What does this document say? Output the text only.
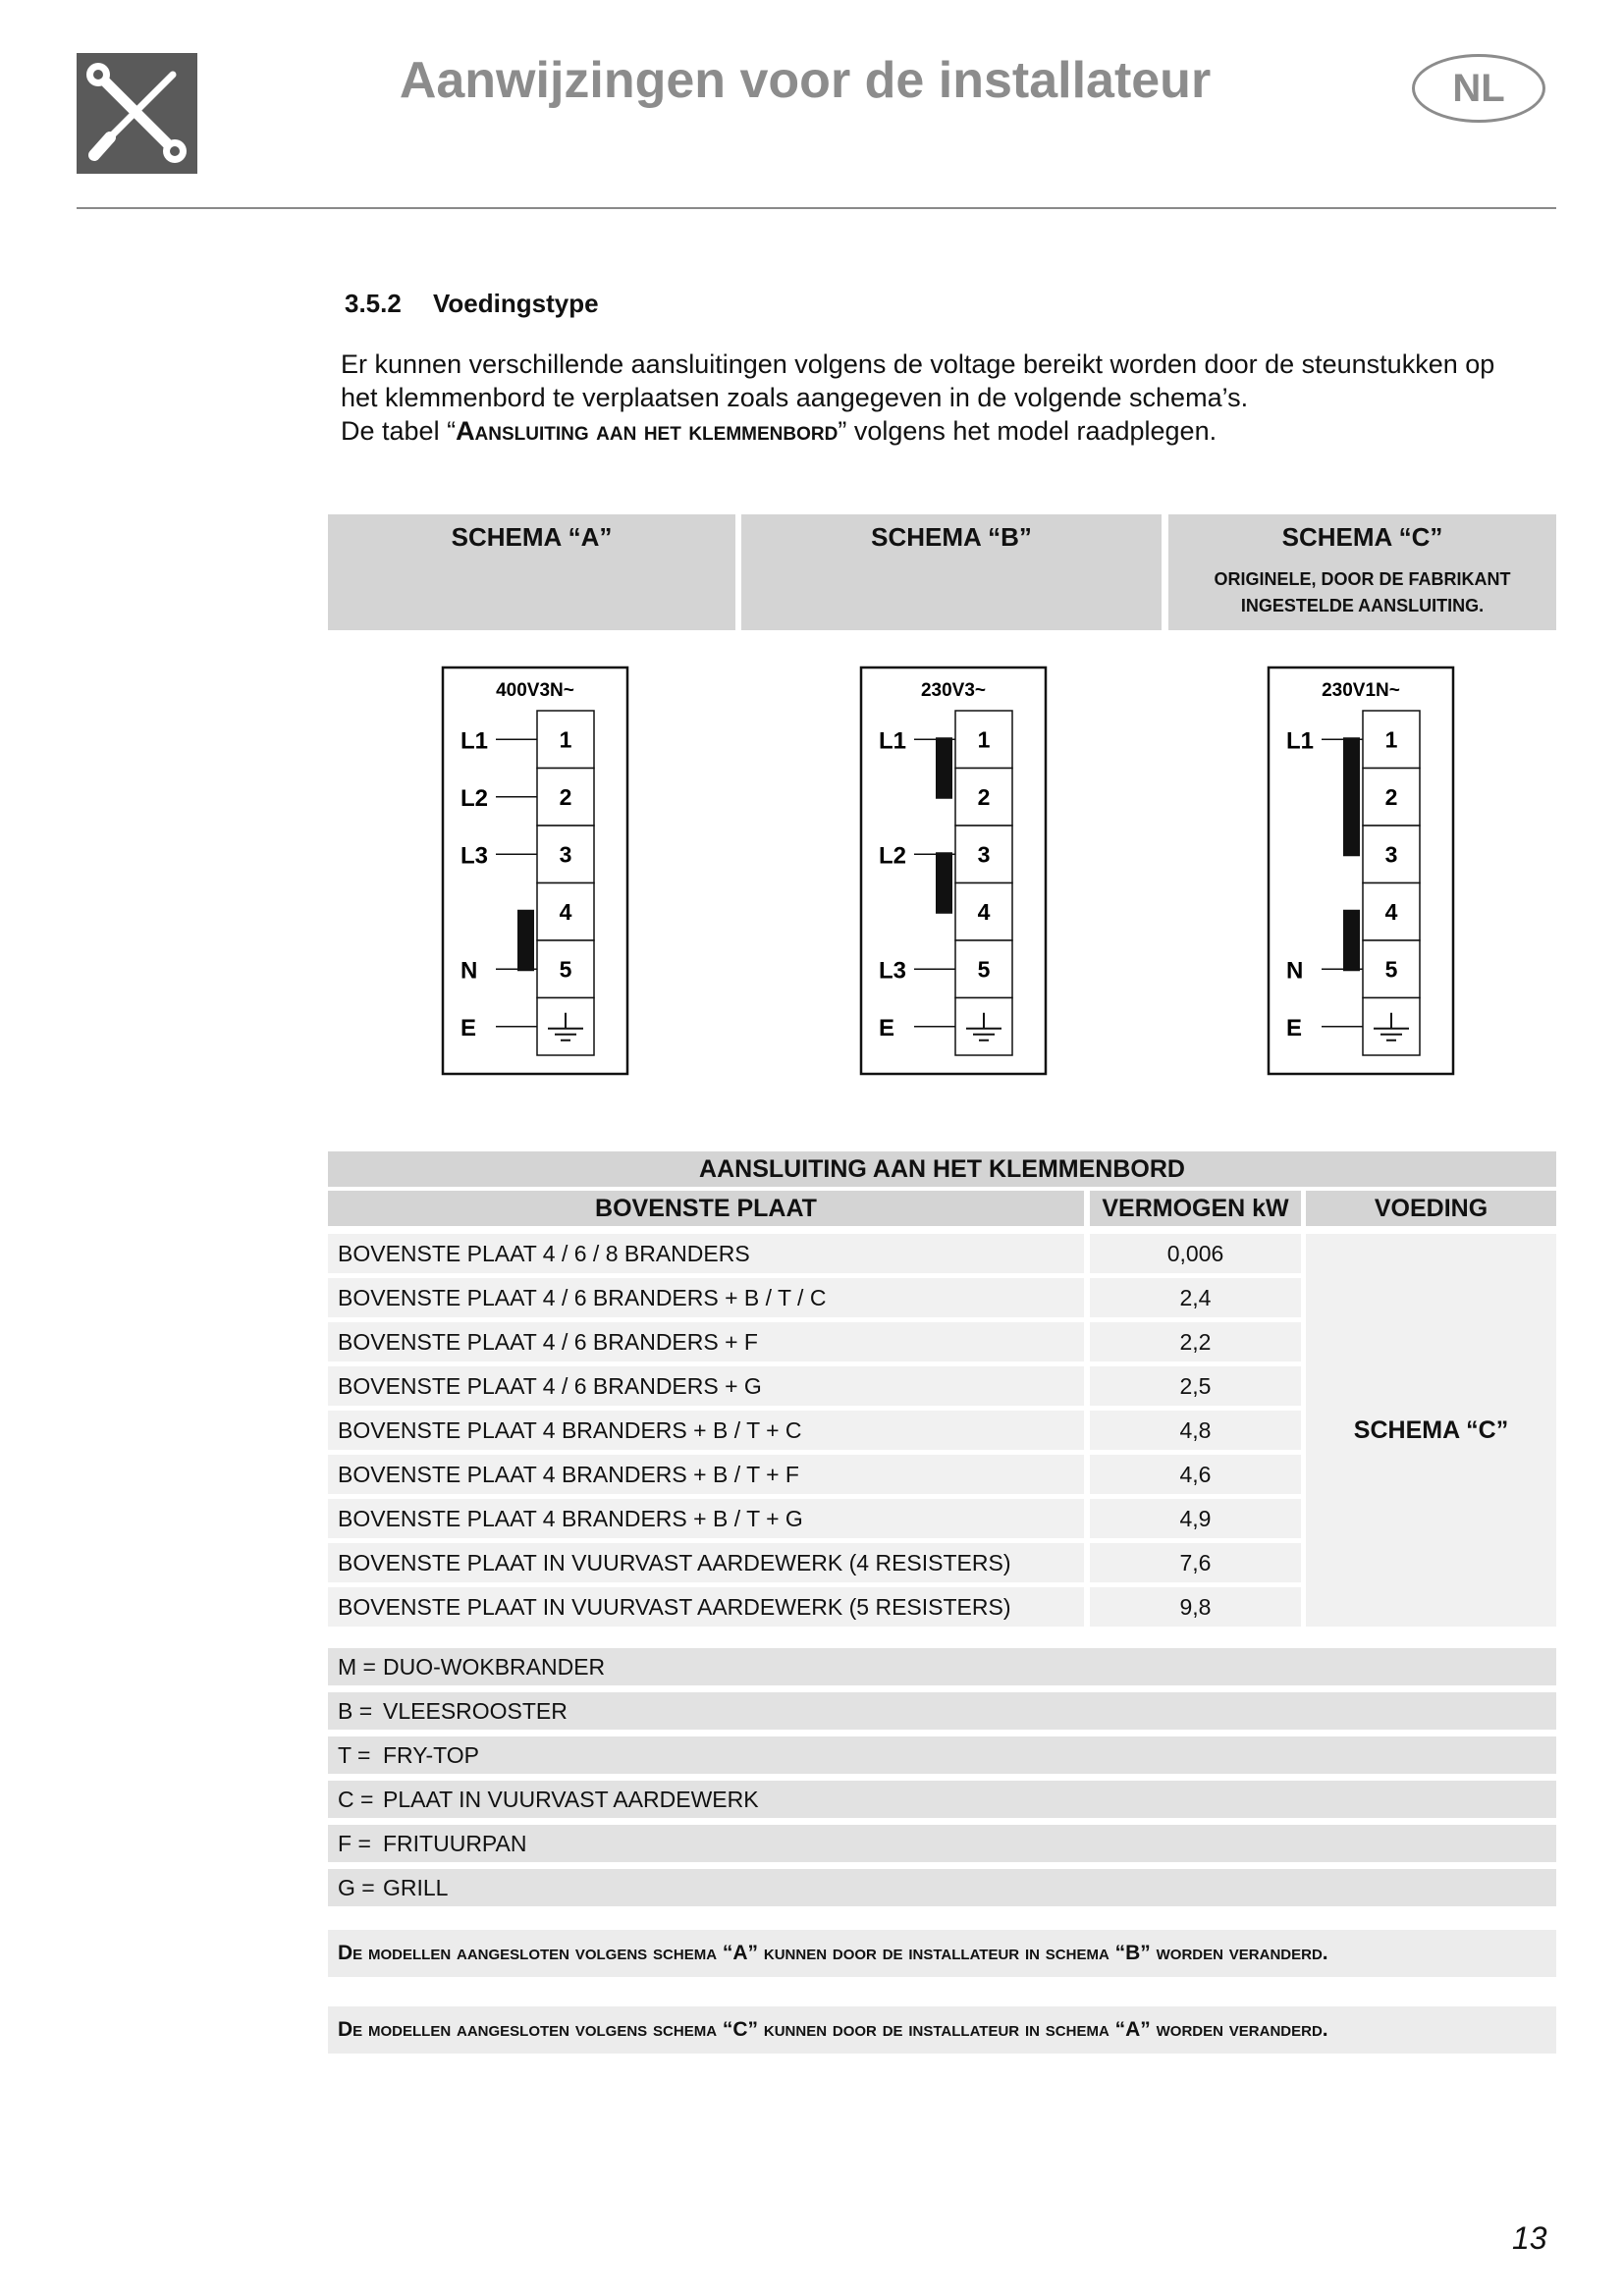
Aanwijzingen voor de installateur	NL
3.5.2 Voedingstype
Er kunnen verschillende aansluitingen volgens de voltage bereikt worden door de steunstukken op
het klemmenbord te verplaatsen zoals aangegeven in de volgende schema’s.
De tabel “Aansluiting aan het klemmenbord” volgens het model raadplegen.
SCHEMA “A”	SCHEMA “B”	SCHEMA “C”
ORIGINELE, DOOR DE FABRIKANT
INGESTELDE AANSLUITING.
400V3N~
1
L1
2
L2
3
L3
4
5
N
E
230V3~
1
L1
2
3
L2
4
5
L3
E
230V1N~
1
L1
2
3
4
5
N
E
AANSLUITING AAN HET KLEMMENBORD
BOVENSTE PLAAT	VERMOGEN kW	VOEDING
BOVENSTE PLAAT 4 / 6 / 8 BRANDERS	0,006
BOVENSTE PLAAT 4 / 6 BRANDERS + B / T / C	2,4
BOVENSTE PLAAT 4 / 6 BRANDERS + F	2,2
BOVENSTE PLAAT 4 / 6 BRANDERS + G	2,5
BOVENSTE PLAAT 4 BRANDERS + B / T + C	4,8
BOVENSTE PLAAT 4 BRANDERS + B / T + F	4,6
BOVENSTE PLAAT 4 BRANDERS + B / T + G	4,9
BOVENSTE PLAAT IN VUURVAST AARDEWERK (4 RESISTERS)	7,6
BOVENSTE PLAAT IN VUURVAST AARDEWERK (5 RESISTERS)	9,8
SCHEMA “C”
M = DUO-WOKBRANDER
B = VLEESROOSTER
T = FRY-TOP
C = PLAAT IN VUURVAST AARDEWERK
F = FRITUURPAN
G = GRILL
De modellen aangesloten volgens schema “A” kunnen door de installateur in schema “B” worden veranderd.
De modellen aangesloten volgens schema “C” kunnen door de installateur in schema “A” worden veranderd.
13
